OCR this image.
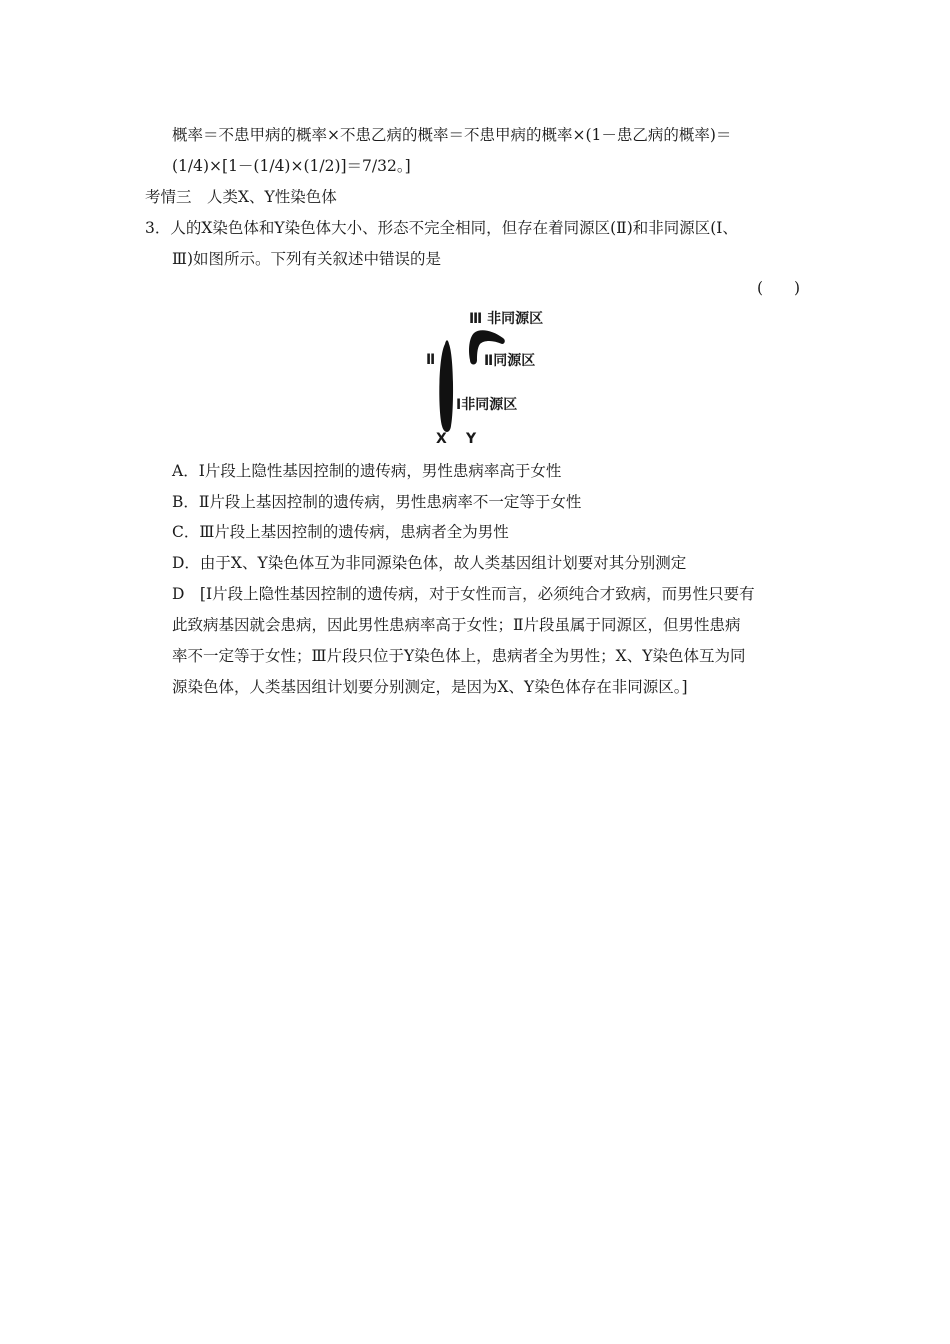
概率＝不患甲病的概率×不患乙病的概率＝不患甲病的概率×(1－患乙病的概率)＝
(1/4)×[1－(1/4)×(1/2)]＝7/32。]
考情三　人类X、Y性染色体
3．人的X染色体和Y染色体大小、形态不完全相同，但存在着同源区(Ⅱ)和非同源区(Ⅰ、
Ⅲ)如图所示。下列有关叙述中错误的是
(　　)
Ⅲ 非同源区
Ⅱ	Ⅱ同源区
Ⅰ非同源区
X Y
A．Ⅰ片段上隐性基因控制的遗传病，男性患病率高于女性
B．Ⅱ片段上基因控制的遗传病，男性患病率不一定等于女性
C．Ⅲ片段上基因控制的遗传病，患病者全为男性
D．由于X、Y染色体互为非同源染色体，故人类基因组计划要对其分别测定
D　[Ⅰ片段上隐性基因控制的遗传病，对于女性而言，必须纯合才致病，而男性只要有
此致病基因就会患病，因此男性患病率高于女性；Ⅱ片段虽属于同源区，但男性患病
率不一定等于女性；Ⅲ片段只位于Y染色体上，患病者全为男性；X、Y染色体互为同
源染色体，人类基因组计划要分别测定，是因为X、Y染色体存在非同源区。]
